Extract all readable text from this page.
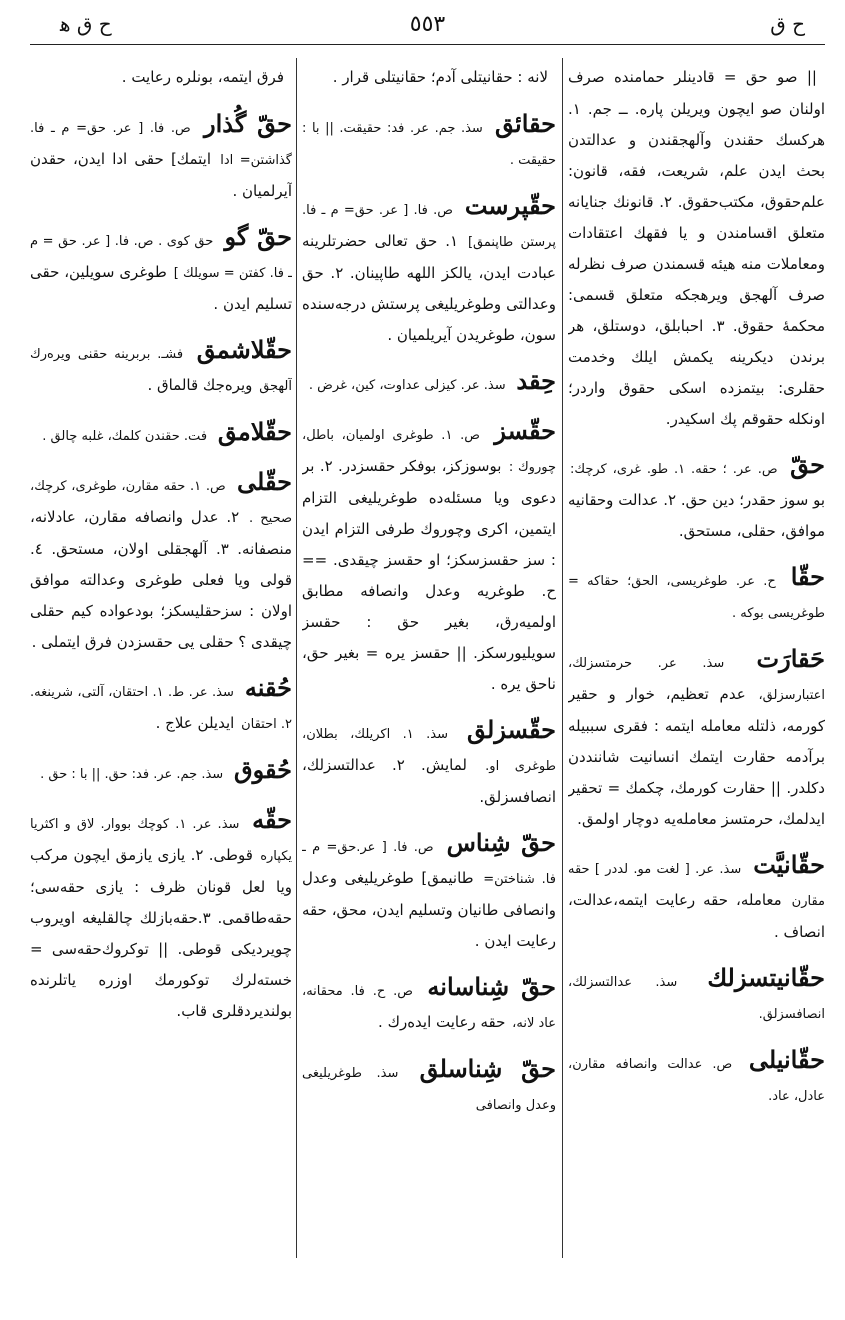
ح ق ﻫ	٥٥٣	ح ق
|| صو حق = قادینلر حمامنده صرف اولنان صو ایچون ویریلن پاره. ــ جم. ١. هرکسك حقندن وآلهجقندن و عدالتدن بحث ایدن علم، شریعت، فقه، قانون: علم‌حقوق، مکتب‌حقوق. ٢. قانونك جنایانه متعلق اقسامندن و یا فقهك اعتقادات ومعاملات منه هیئه قسمندن صرف نظرله صرف آلهجق ویرهجکه متعلق قسمی: محکمهٔ حقوق. ٣. احبابلق، دوستلق، هر برندن دیکرینه یکمش ایلك وخدمت حقلری: بیتمزده اسکی حقوق واردر؛ اونکله حقوقم پك اسکیدر.
حقّ ص. عر. ؛ حقه. ١. طو. غری، کرچك: بو سوز حقدر؛ دین حق. ٢. عدالت وحقانیه موافق، حقلی، مستحق.
حقّا ح. عر. طوغریسی، الحق؛ حقاکه = طوغریسی بوکه .
حَقارَت سذ. عر. حرمتسزلك، اعتبارسزلق، عدم تعظیم، خوار و حقیر کورمه، ذلتله معامله ایتمه : فقری سببیله برآدمه حقارت ایتمك انسانیت شاننددن دکلدر. || حقارت کورمك، چکمك = تحقیر ایدلمك، حرمتسز معامله‌یه دوچار اولمق.
حقّانیَّت سذ. عر. [ لغت مو. لددر ] حقه مقارن معامله، حقه رعایت ایتمه،عدالت، انصاف .
حقّانیتسزلك سذ. عدالتسزلك، انصافسزلق.
حقّانیلی ص. عدالت وانصافه مقارن، عادل، عاد.
لانه : حقانیتلی آدم؛ حقانیتلی قرار .
حقائق سذ. جم. عر. فد: حقیقت. || با : حقیقت .
حقّپرست ص. فا. [ عر. حق= م ـ فا. پرستن طاپنمق] ١. حق تعالی حضرتلرینه عبادت ایدن، یالکز اللهه طاپینان. ٢. حق وعدالتی وطوغریلیغی پرستش درجه‌سنده سون، طوغریدن آیریلمیان .
حِقد سذ. عر. کیزلی عداوت، کین، غرض .
حقّسز ص. ١. طوغری اولمیان، باطل، چوروك : بوسوزکز، بوفکر حقسزدر. ٢. بر دعوی ویا مسئله‌ده طوغریلیغی التزام ایتمین، اکری وچوروك طرفی التزام ایدن : سز حقسزسکز؛ او حقسز چیقدی. == ح. طوغریه وعدل وانصافه مطابق اولمیه‌رق، بغیر حق : حقسز سویلیورسکز. || حقسز یره = بغیر حق، ناحق یره .
حقّسزلق سذ. ١. اکریلك، بطلان، طوغری او. لمایش. ٢. عدالتسزلك، انصافسزلق.
حقّ شِناس ص. فا. [ عر.حق= م ـ فا. شناختن= طانیمق] طوغریلیغی وعدل وانصافی طانیان وتسلیم ایدن، محق، حقه رعایت ایدن .
حقّ شِناسانه ص. ح. فا. محقانه، عاد لانه، حقه رعایت ایده‌رك .
حقّ شِناسلق سذ. طوغریلیغی وعدل وانصافی
فرق ایتمه، بونلره رعایت .
حقّ گُذار ص. فا. [ عر. حق= م ـ فا. گذاشتن= ادا ایتمك] حقی ادا ایدن، حقدن آیرلمیان .
حقّ گو حق کوی . ص. فا. [ عر. حق = م ـ فا. کفتن = سویلك ] طوغری سویلین، حقی تسلیم ایدن .
حقّلاشمق فشـ. بربرینه حقنی ویره‌رك آلهجق ویره‌جك قالماق .
حقّلامق فت. حقندن کلمك، غلبه چالق .
حقّلی ص. ١. حقه مقارن، طوغری، کرچك، صحیح . ٢. عدل وانصافه مقارن، عادلانه، منصفانه. ٣. آلهجقلی اولان، مستحق. ٤. قولی ویا فعلی طوغری وعدالته موافق اولان : سزحقلیسکز؛ بودعواده کیم حقلی چیقدی ؟ حقلی یی حقسزدن فرق ایتملی .
حُقنه سذ. عر. ط. ١. احتقان، آلتی، شرینغه. ٢. احتقان ایدیلن علاج .
حُقوق سذ. جم. عر. فد: حق. || با : حق .
حقّه سذ. عر. ١. کوچك بووار. لاق و اکثریا یکپاره قوطی. ٢. یازی یازمق ایچون مرکب ویا لعل قونان ظرف : یازی حقه‌سی؛ حقه‌طاقمی. ٣.حقه‌بازلك چالقلیغه اویروب چویردیکی قوطی. || توکروك‌حقه‌سی = خسته‌لرك توکورمك اوزره یاتلرنده بولندیردقلری قاب.
